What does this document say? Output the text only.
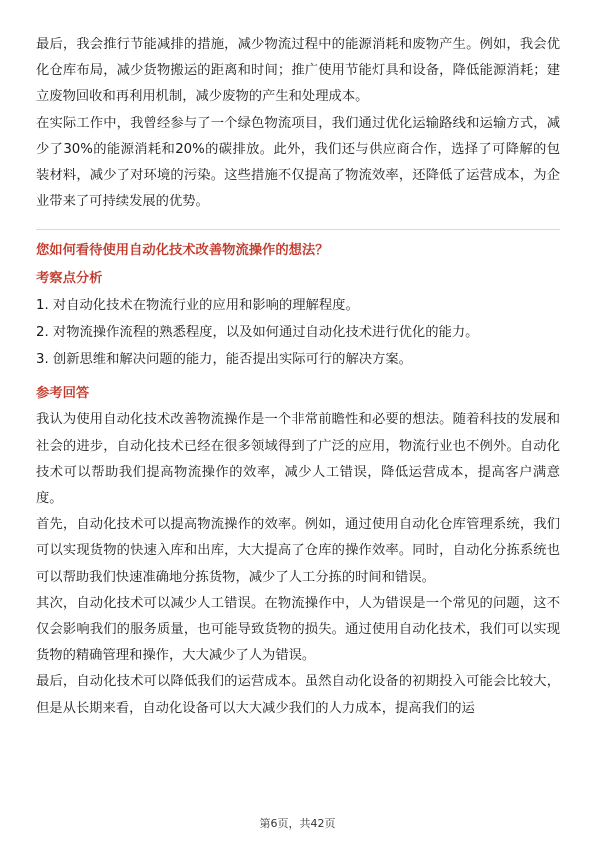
最后，我会推行节能减排的措施，减少物流过程中的能源消耗和废物产生。例如，我会优化仓库布局，减少货物搬运的距离和时间；推广使用节能灯具和设备，降低能源消耗；建立废物回收和再利用机制，减少废物的产生和处理成本。

在实际工作中，我曾经参与了一个绿色物流项目，我们通过优化运输路线和运输方式，减少了30%的能源消耗和20%的碳排放。此外，我们还与供应商合作，选择了可降解的包装材料，减少了对环境的污染。这些措施不仅提高了物流效率，还降低了运营成本，为企业带来了可持续发展的优势。

您如何看待使用自动化技术改善物流操作的想法？

考察点分析

1. 对自动化技术在物流行业的应用和影响的理解程度。

2. 对物流操作流程的熟悉程度，以及如何通过自动化技术进行优化的能力。

3. 创新思维和解决问题的能力，能否提出实际可行的解决方案。

参考回答

我认为使用自动化技术改善物流操作是一个非常前瞻性和必要的想法。随着科技的发展和社会的进步，自动化技术已经在很多领域得到了广泛的应用，物流行业也不例外。自动化技术可以帮助我们提高物流操作的效率，减少人工错误，降低运营成本，提高客户满意度。

首先，自动化技术可以提高物流操作的效率。例如，通过使用自动化仓库管理系统，我们可以实现货物的快速入库和出库，大大提高了仓库的操作效率。同时，自动化分拣系统也可以帮助我们快速准确地分拣货物，减少了人工分拣的时间和错误。

其次，自动化技术可以减少人工错误。在物流操作中，人为错误是一个常见的问题，这不仅会影响我们的服务质量，也可能导致货物的损失。通过使用自动化技术，我们可以实现货物的精确管理和操作，大大减少了人为错误。

最后，自动化技术可以降低我们的运营成本。虽然自动化设备的初期投入可能会比较大，但是从长期来看，自动化设备可以大大减少我们的人力成本，提高我们的运

第6页，共42页
